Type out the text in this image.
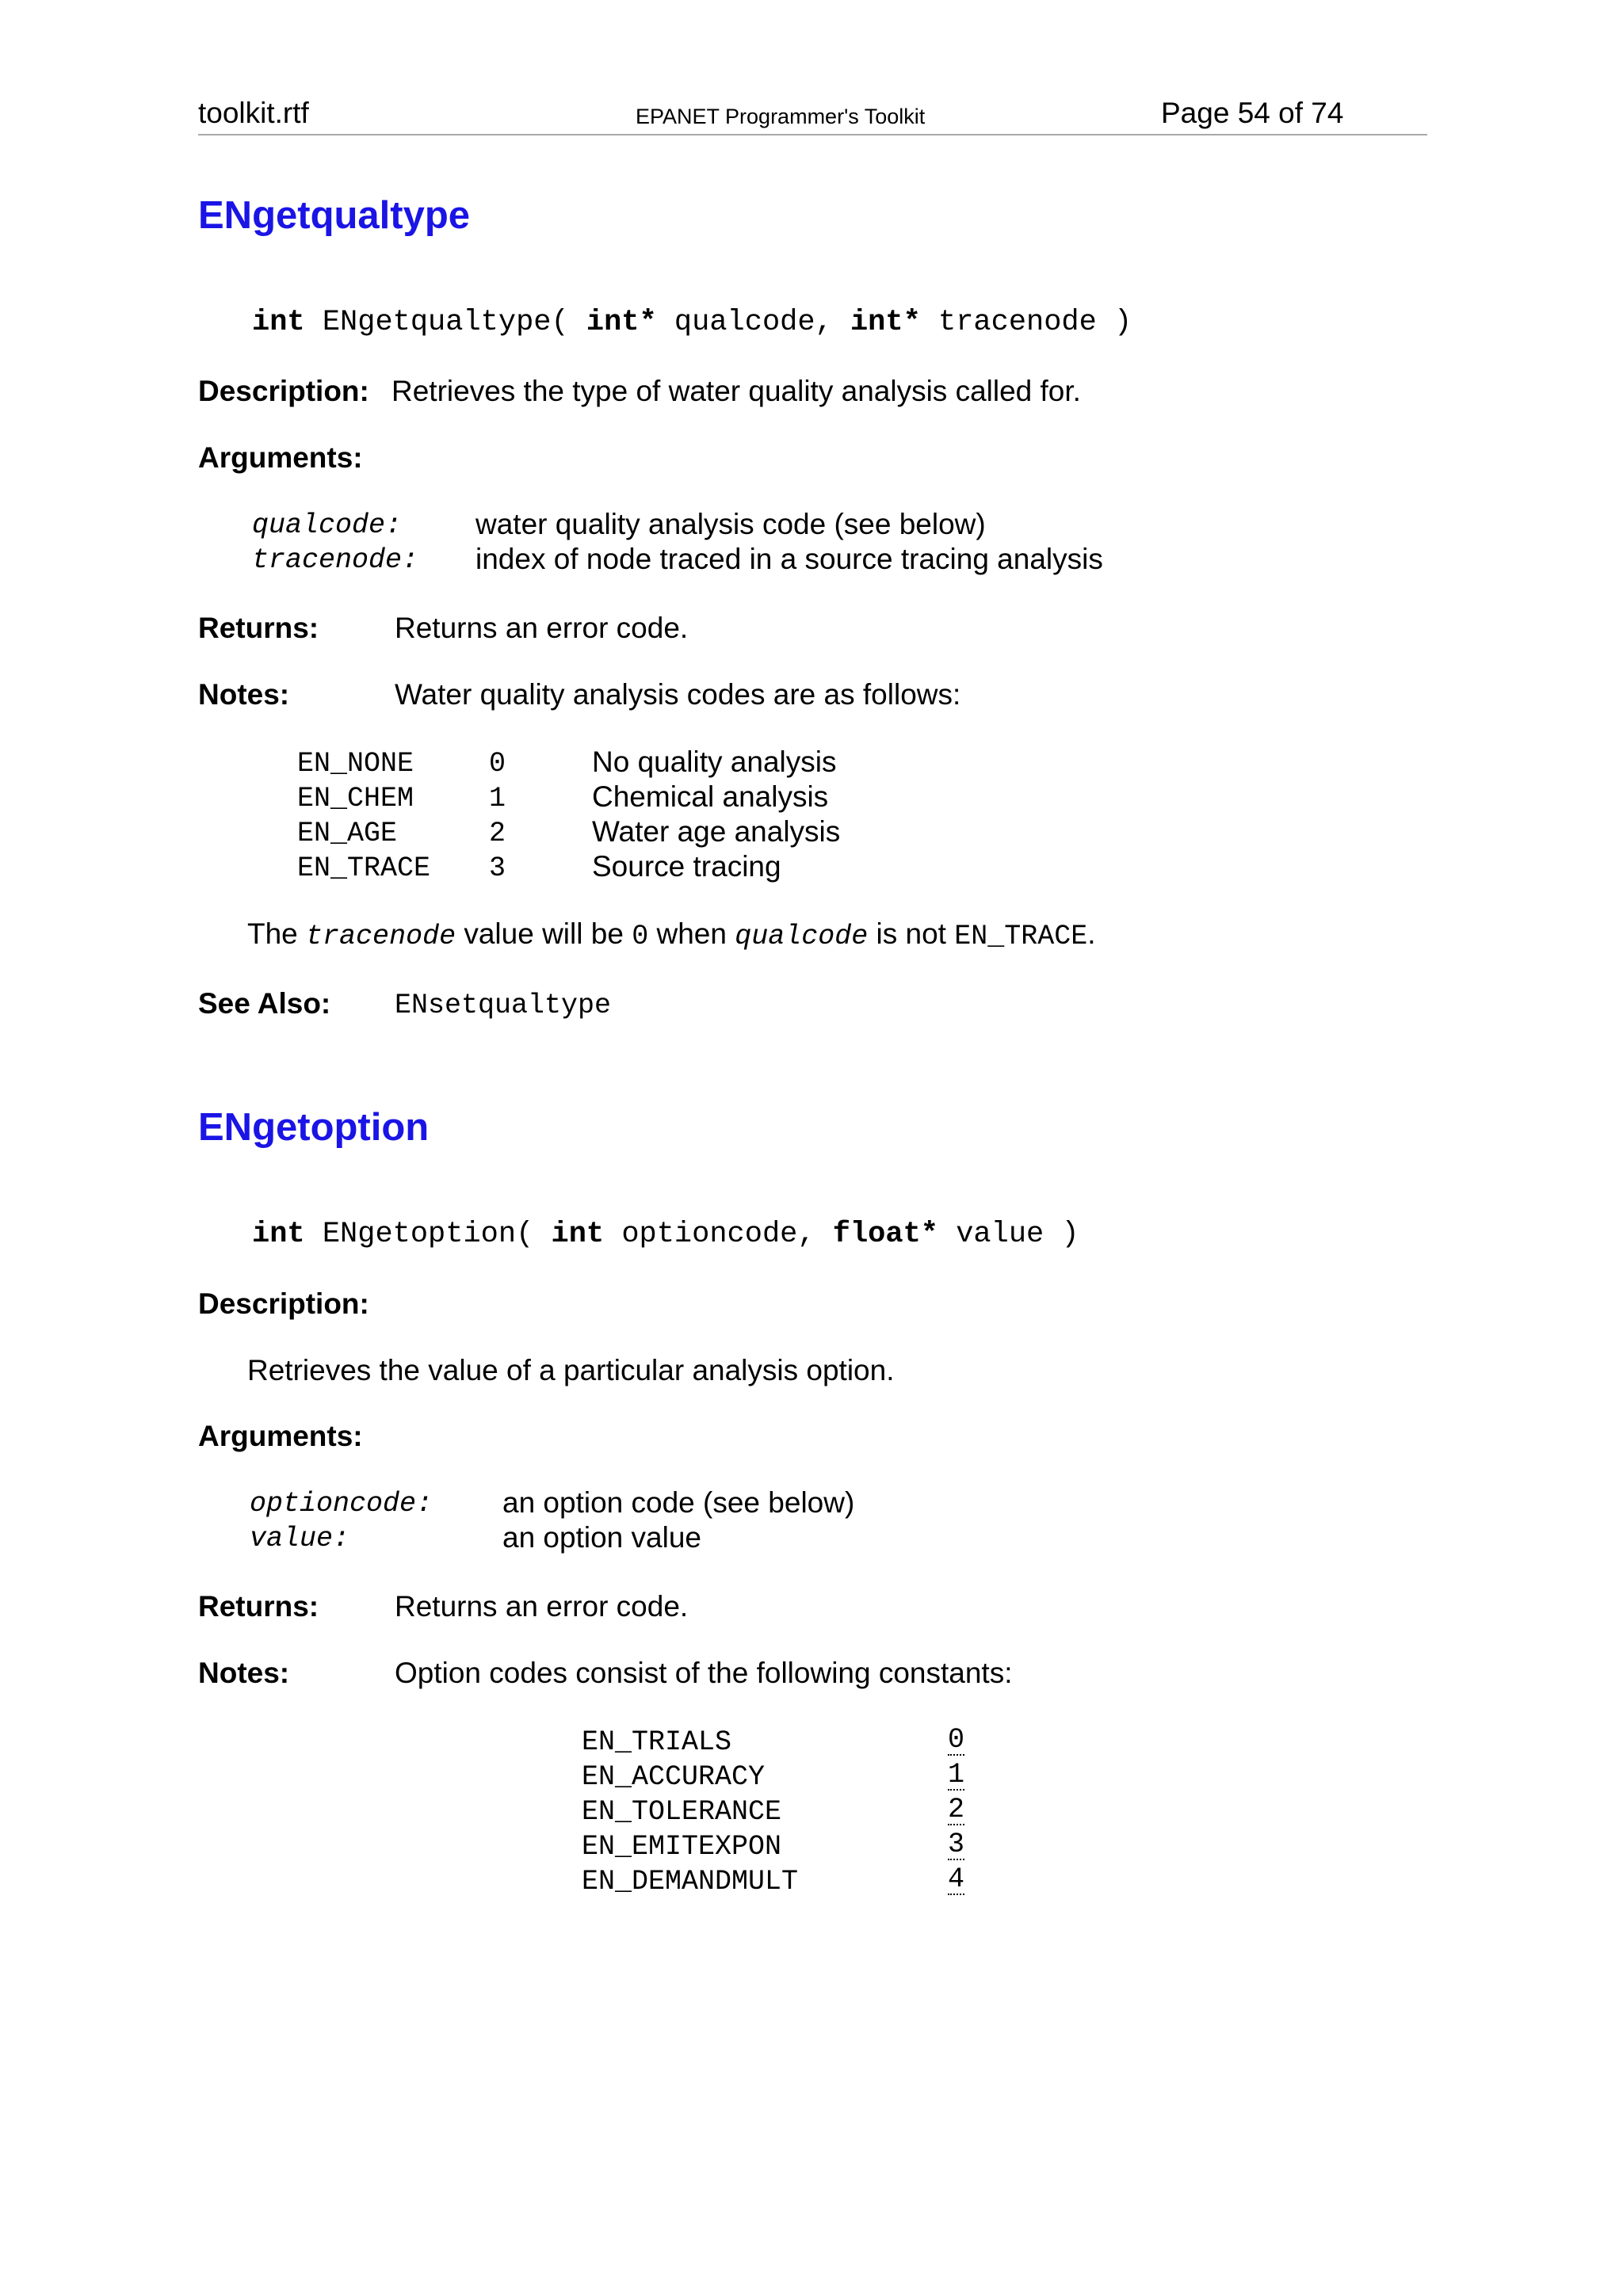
toolkit.rtf	EPANET Programmer's Toolkit	Page 54 of 74
ENgetqualtype
int ENgetqualtype( int* qualcode, int* tracenode )
Description: Retrieves the type of water quality analysis called for.
Arguments:
qualcode:	water quality analysis code (see below)
tracenode: index of node traced in a source tracing analysis
Returns:	Returns an error code.
Notes:	Water quality analysis codes are as follows:
EN_NONE	0	No quality analysis
EN_CHEM	1	Chemical analysis
EN_AGE	2	Water age analysis
EN_TRACE 3	Source tracing
The tracenode value will be 0 when qualcode is not EN_TRACE.
See Also: ENsetqualtype
ENgetoption
int ENgetoption( int optioncode, float* value )
Description:
Retrieves the value of a particular analysis option.
Arguments:
optioncode: an option code (see below)
value:	an option value
Returns:	Returns an error code.
Notes:	Option codes consist of the following constants:
EN_TRIALS	0
EN_ACCURACY	1
EN_TOLERANCE	2
EN_EMITEXPON	3
EN_DEMANDMULT	4
